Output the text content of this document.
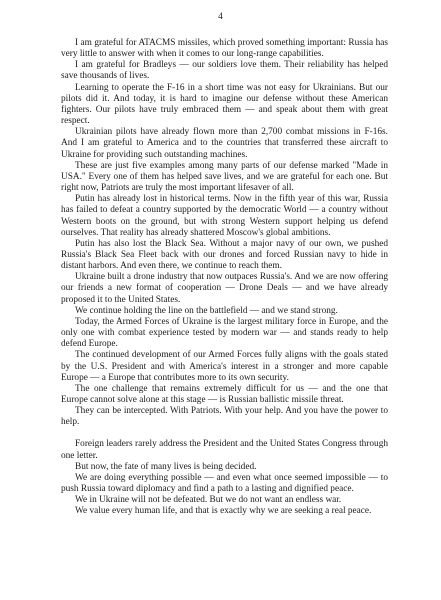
4

I am grateful for ATACMS missiles, which proved something important: Russia has very little to answer with when it comes to our long-range capabilities.

I am grateful for Bradleys — our soldiers love them. Their reliability has helped save thousands of lives.

Learning to operate the F-16 in a short time was not easy for Ukrainians. But our pilots did it. And today, it is hard to imagine our defense without these American fighters. Our pilots have truly embraced them — and speak about them with great respect.

Ukrainian pilots have already flown more than 2,700 combat missions in F-16s. And I am grateful to America and to the countries that transferred these aircraft to Ukraine for providing such outstanding machines.

These are just five examples among many parts of our defense marked "Made in USA." Every one of them has helped save lives, and we are grateful for each one. But right now, Patriots are truly the most important lifesaver of all.

Putin has already lost in historical terms. Now in the fifth year of this war, Russia has failed to defeat a country supported by the democratic World — a country without Western boots on the ground, but with strong Western support helping us defend ourselves. That reality has already shattered Moscow's global ambitions.

Putin has also lost the Black Sea. Without a major navy of our own, we pushed Russia's Black Sea Fleet back with our drones and forced Russian navy to hide in distant harbors. And even there, we continue to reach them.

Ukraine built a drone industry that now outpaces Russia's. And we are now offering our friends a new format of cooperation — Drone Deals — and we have already proposed it to the United States.

We continue holding the line on the battlefield — and we stand strong.

Today, the Armed Forces of Ukraine is the largest military force in Europe, and the only one with combat experience tested by modern war — and stands ready to help defend Europe.

The continued development of our Armed Forces fully aligns with the goals stated by the U.S. President and with America's interest in a stronger and more capable Europe — a Europe that contributes more to its own security.

The one challenge that remains extremely difficult for us — and the one that Europe cannot solve alone at this stage — is Russian ballistic missile threat.

They can be intercepted. With Patriots. With your help. And you have the power to help.

Foreign leaders rarely address the President and the United States Congress through one letter.

But now, the fate of many lives is being decided.

We are doing everything possible — and even what once seemed impossible — to push Russia toward diplomacy and find a path to a lasting and dignified peace.

We in Ukraine will not be defeated. But we do not want an endless war.

We value every human life, and that is exactly why we are seeking a real peace.
